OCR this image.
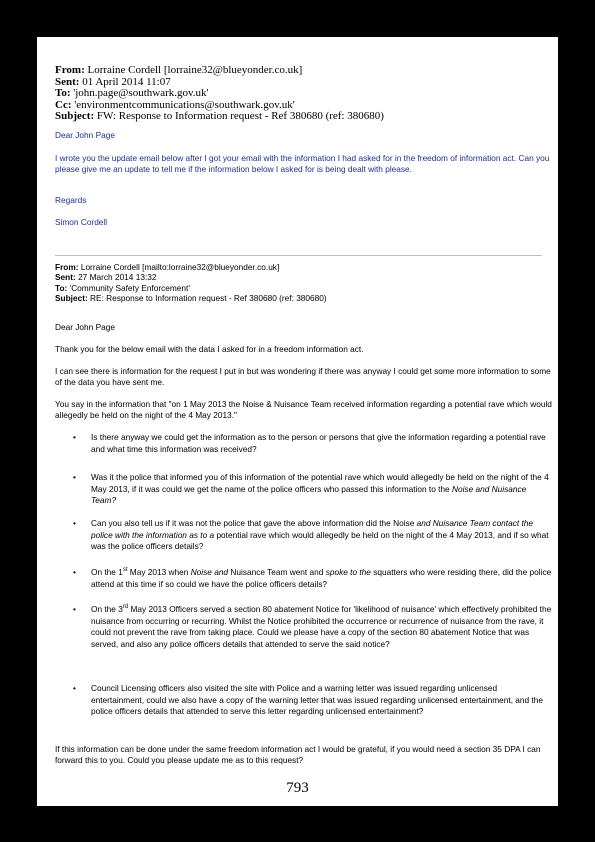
From: Lorraine Cordell [lorraine32@blueyonder.co.uk]
Sent: 01 April 2014 11:07
To: 'john.page@southwark.gov.uk'
Cc: 'environmentcommunications@southwark.gov.uk'
Subject: FW: Response to Information request - Ref 380680 (ref: 380680)
Dear John Page
I wrote you the update email below after I got your email with the information I had asked for in the freedom of information act. Can you please give me an update to tell me if the information below I asked for is being dealt with please.
Regards
Simon Cordell
From: Lorraine Cordell [mailto:lorraine32@blueyonder.co.uk]
Sent: 27 March 2014 13:32
To: 'Community Safety Enforcement'
Subject: RE: Response to Information request - Ref 380680 (ref: 380680)
Dear John Page
Thank you for the below email with the data I asked for in a freedom information act.
I can see there is information for the request I put in but was wondering if there was anyway I could get some more information to some of the data you have sent me.
You say in the information that "on 1 May 2013 the Noise & Nuisance Team received information regarding a potential rave which would allegedly be held on the night of the 4 May 2013."
• Is there anyway we could get the information as to the person or persons that give the information regarding a potential rave and what time this information was received?
• Was it the police that informed you of this information of the potential rave which would allegedly be held on the night of the 4 May 2013, if it was could we get the name of the police officers who passed this information to the Noise and Nuisance Team?
• Can you also tell us if it was not the police that gave the above information did the Noise and Nuisance Team contact the police with the information as to a potential rave which would allegedly be held on the night of the 4 May 2013, and if so what was the police officers details?
• On the 1st May 2013 when Noise and Nuisance Team went and spoke to the squatters who were residing there, did the police attend at this time if so could we have the police officers details?
• On the 3rd May 2013 Officers served a section 80 abatement Notice for 'likelihood of nuisance' which effectively prohibited the nuisance from occurring or recurring. Whilst the Notice prohibited the occurrence or recurrence of nuisance from the rave, it could not prevent the rave from taking place. Could we please have a copy of the section 80 abatement Notice that was served, and also any police officers details that attended to serve the said notice?
• Council Licensing officers also visited the site with Police and a warning letter was issued regarding unlicensed entertainment, could we also have a copy of the warning letter that was issued regarding unlicensed entertainment, and the police officers details that attended to serve this letter regarding unlicensed entertainment?
If this information can be done under the same freedom information act I would be grateful, if you would need a section 35 DPA I can forward this to you. Could you please update me as to this request?
793
